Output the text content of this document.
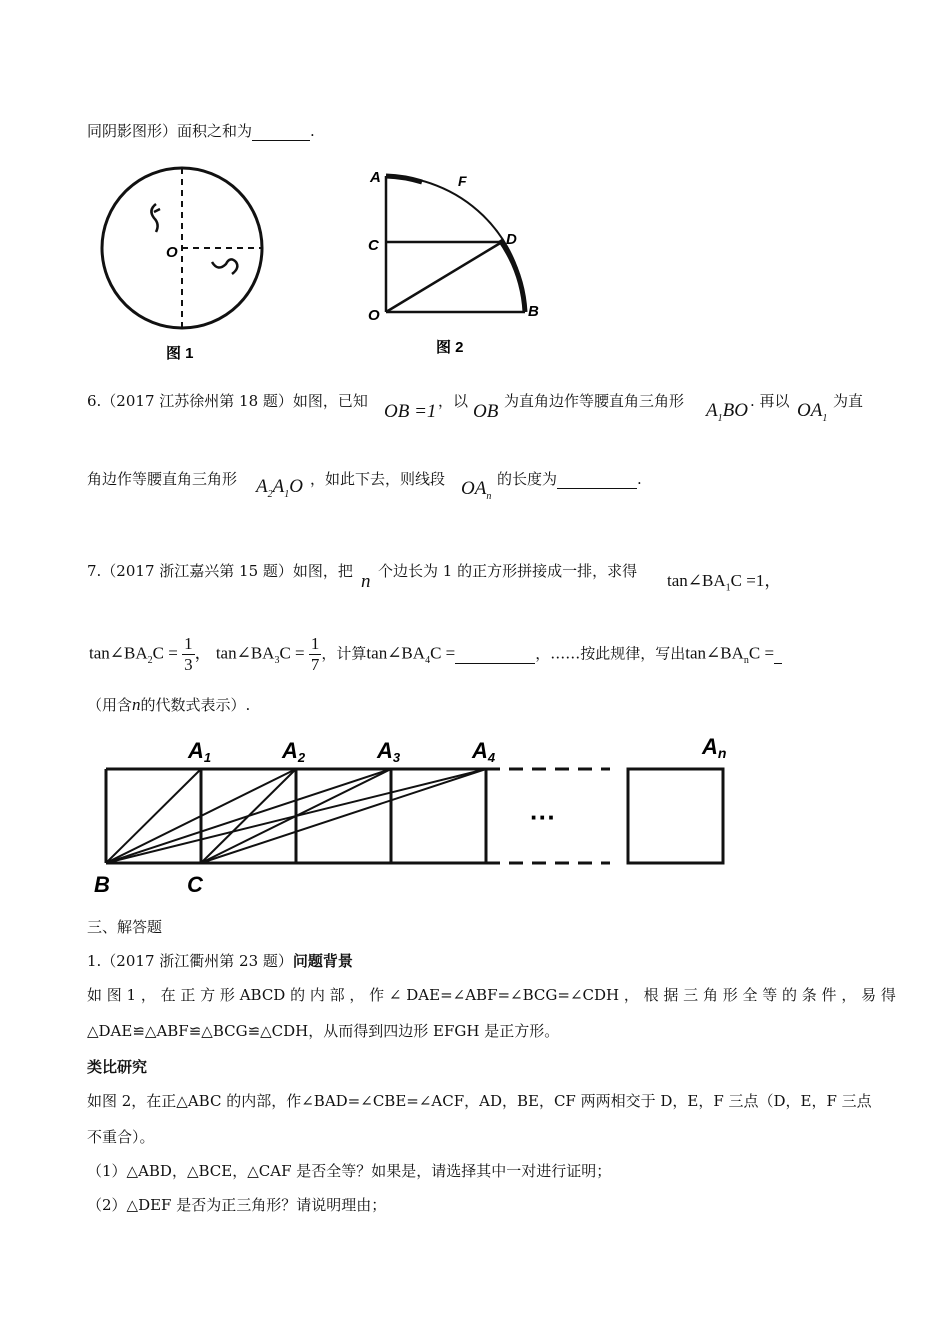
同阴影图形）面积之和为	.
O
图 1
A	F
C	D
O	B
图 2
6.（2017 江苏徐州第 18 题）如图，已知 OB =1 ，以 OB 为直角边作等腰直角三角形 $A_1BO$ . 再以 $OA_1$
为直
角边作等腰直角三角形 $A_2A_1O$ ，如此下去，则线段 $OA_n$
的长度为	.
7.（2017 浙江嘉兴第 15 题）如图，把 n 个边长为 1 的正方形拼接成一排，求得 $\tan\angle BA_1C =1$，
$\tan\angle BA_2C = \frac{1}{3}$ ， $\tan\angle BA_3C = \frac{1}{7}$ ，计算$\tan\angle BA_4C$ =	，……按此规律，写出$\tan\angle BA_nC$ =
（用含n的代数式表示）.
···
A1	A2	A3	A4	An
B	C
三、解答题
1.（2017 浙江衢州第 23 题）问题背景
如 图 1 ， 在 正 方 形 ABCD 的 内 部 ， 作 ∠ DAE=∠ABF=∠BCG=∠CDH ， 根 据 三 角 形 全 等 的 条 件 ， 易 得
△DAE≌△ABF≌△BCG≌△CDH，从而得到四边形 EFGH 是正方形。
类比研究
如图 2，在正△ABC 的内部，作∠BAD=∠CBE=∠ACF，AD，BE，CF 两两相交于 D，E，F 三点（D，E，F 三点
不重合）。
（1）△ABD，△BCE，△CAF 是否全等？如果是，请选择其中一对进行证明；
（2）△DEF 是否为正三角形？请说明理由；
